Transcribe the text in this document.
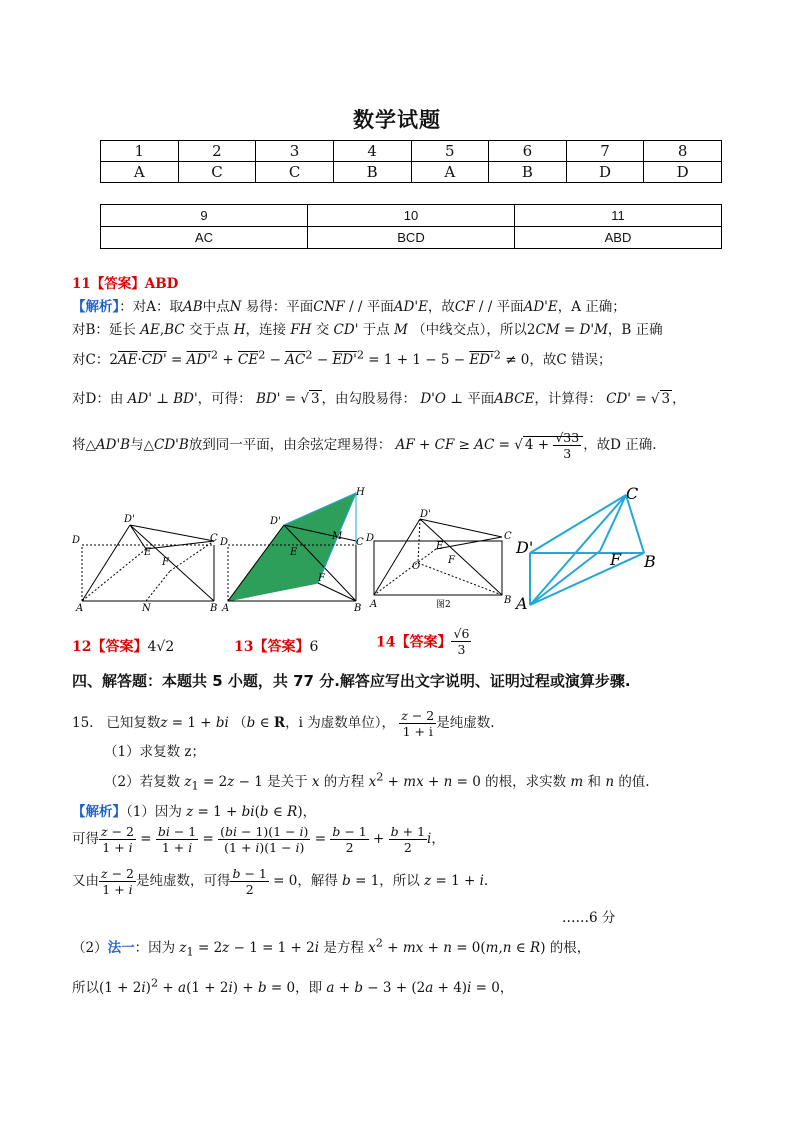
数学试题
1	2	3	4	5	6	7	8
A	C	C	B	A	B	D	D
9	10	11
AC	BCD	ABD
11【答案】ABD
【解析】：对A：取AB中点N 易得：平面CNF / / 平面AD'E，故CF / / 平面AD'E，A 正确；
对B：延长 AE,BC 交于点 H，连接 FH 交 CD' 于点 M （中线交点），所以2CM = D'M，B 正确
对C：$2\overline{AE}\cdot CD' = AD'^2 + \overline{CE}^2 - \overline{AC}^2 - ED'^2 = 1 + 1 - 5 - ED'^2 \ne 0$，故C 错误；
对D：由 AD' ⊥ BD'，可得： BD' = √ 3 ，由勾股易得： D'O ⊥ 平面ABCE，计算得： CD' = √ 3 ，
将△AD'B与△CD'B放到同一平面，由余弦定理易得： AF + CF ≥ AC = √ $4 + \frac{√33}{3}$ ，故D 正确.
D'
D	C
E
F
A	N	B
D'
D	C
H
M
E
F
A	B
D'
D	C
E
O
F
A	B
图2
C
D'
F B
A
12【答案】4√2	13【答案】6	14【答案】 $\frac{√6}{3}$
四、解答题：本题共 5 小题，共 77 分.解答应写出文字说明、证明过程或演算步骤.
15. 已知复数z = 1 + bi （b ∈ R，i 为虚数单位）， $\frac{z - 2}{1 + i}$ 是纯虚数.
（1）求复数 z；
（2）若复数 $z_1 = 2z - 1$ 是关于 x 的方程 $x^2$ + mx + n = 0 的根，求实数 m 和 n 的值.
【解析】（1）因为 z = 1 + bi(b ∈ R)，
可得 $\frac{z - 2}{1 + i} = \frac{bi - 1}{1 + i} = \frac{(bi - 1)(1 - i)}{(1 + i)(1 - i)} = \frac{b - 1}{2} + \frac{b + 1}{2}$ i，
又由 $\frac{z - 2}{1 + i}$ 是纯虚数，可得 $\frac{b - 1}{2} = 0$，解得 b = 1，所以 z = 1 + i.
……6 分
（2）法一：因为 $z_1 = 2z - 1 = 1 + 2i$ 是方程 $x^2$ + mx + n = 0(m,n ∈ R) 的根，
所以$(1 + 2i)^2 + a(1 + 2i) + b = 0$，即 a + b − 3 + (2a + 4)i = 0，
